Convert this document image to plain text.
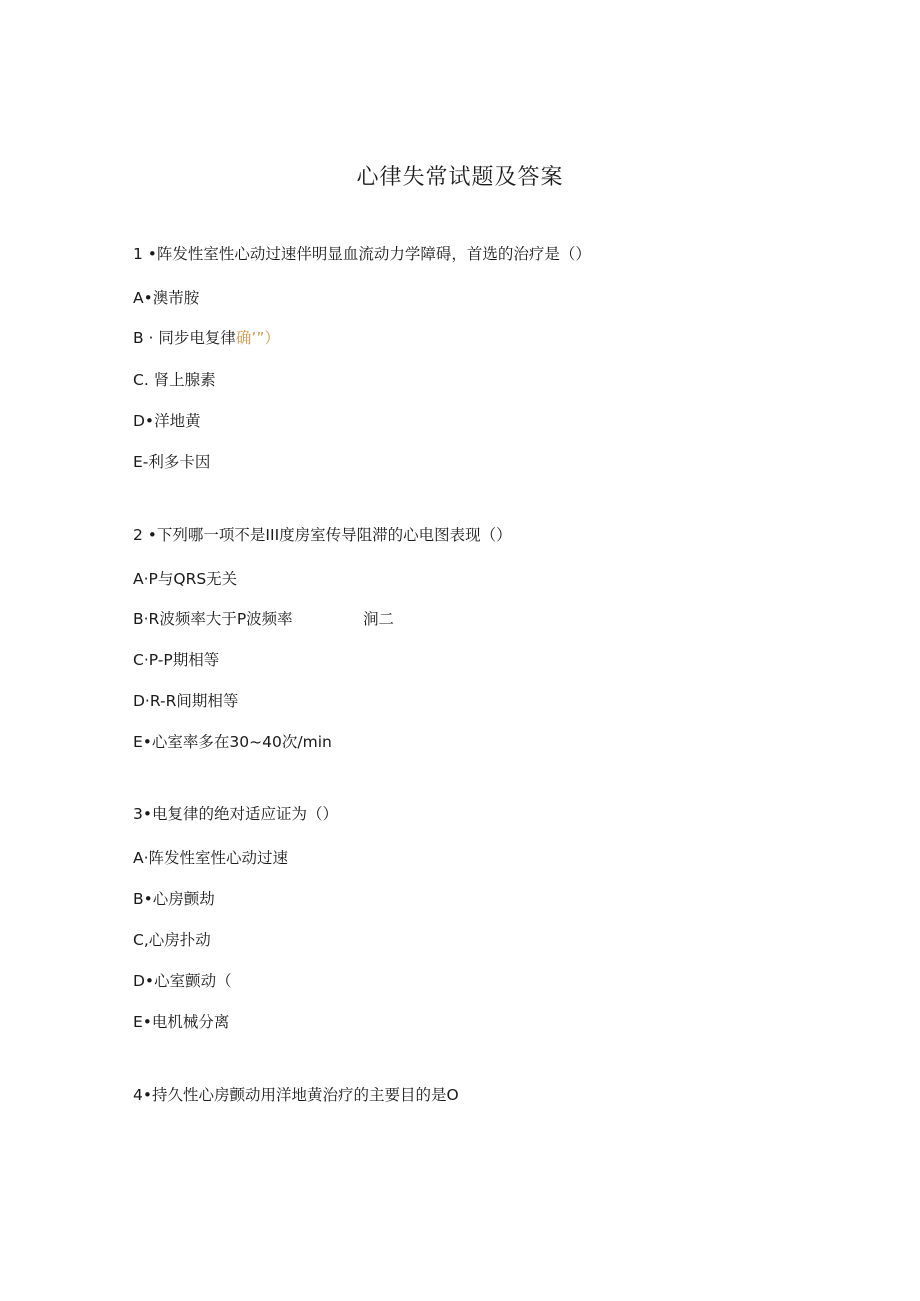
心律失常试题及答案
1 •阵发性室性心动过速伴明显血流动力学障碍，首选的治疗是（）
A•澳芾胺
B · 同步电复律确’”）
C. 肾上腺素
D•洋地黄
E-利多卡因
2 •下列哪一项不是III度房室传导阻滞的心电图表现（）
A·P与QRS无关
B·R波频率大于P波频率	涧二
C·P-P期相等
D·R-R间期相等
E•心室率多在30~40次/min
3•电复律的绝对适应证为（）
A·阵发性室性心动过速
B•心房颤劫
C,心房扑动
D•心室颤动（
E•电机械分离
4•持久性心房颤动用洋地黄治疗的主要目的是O
